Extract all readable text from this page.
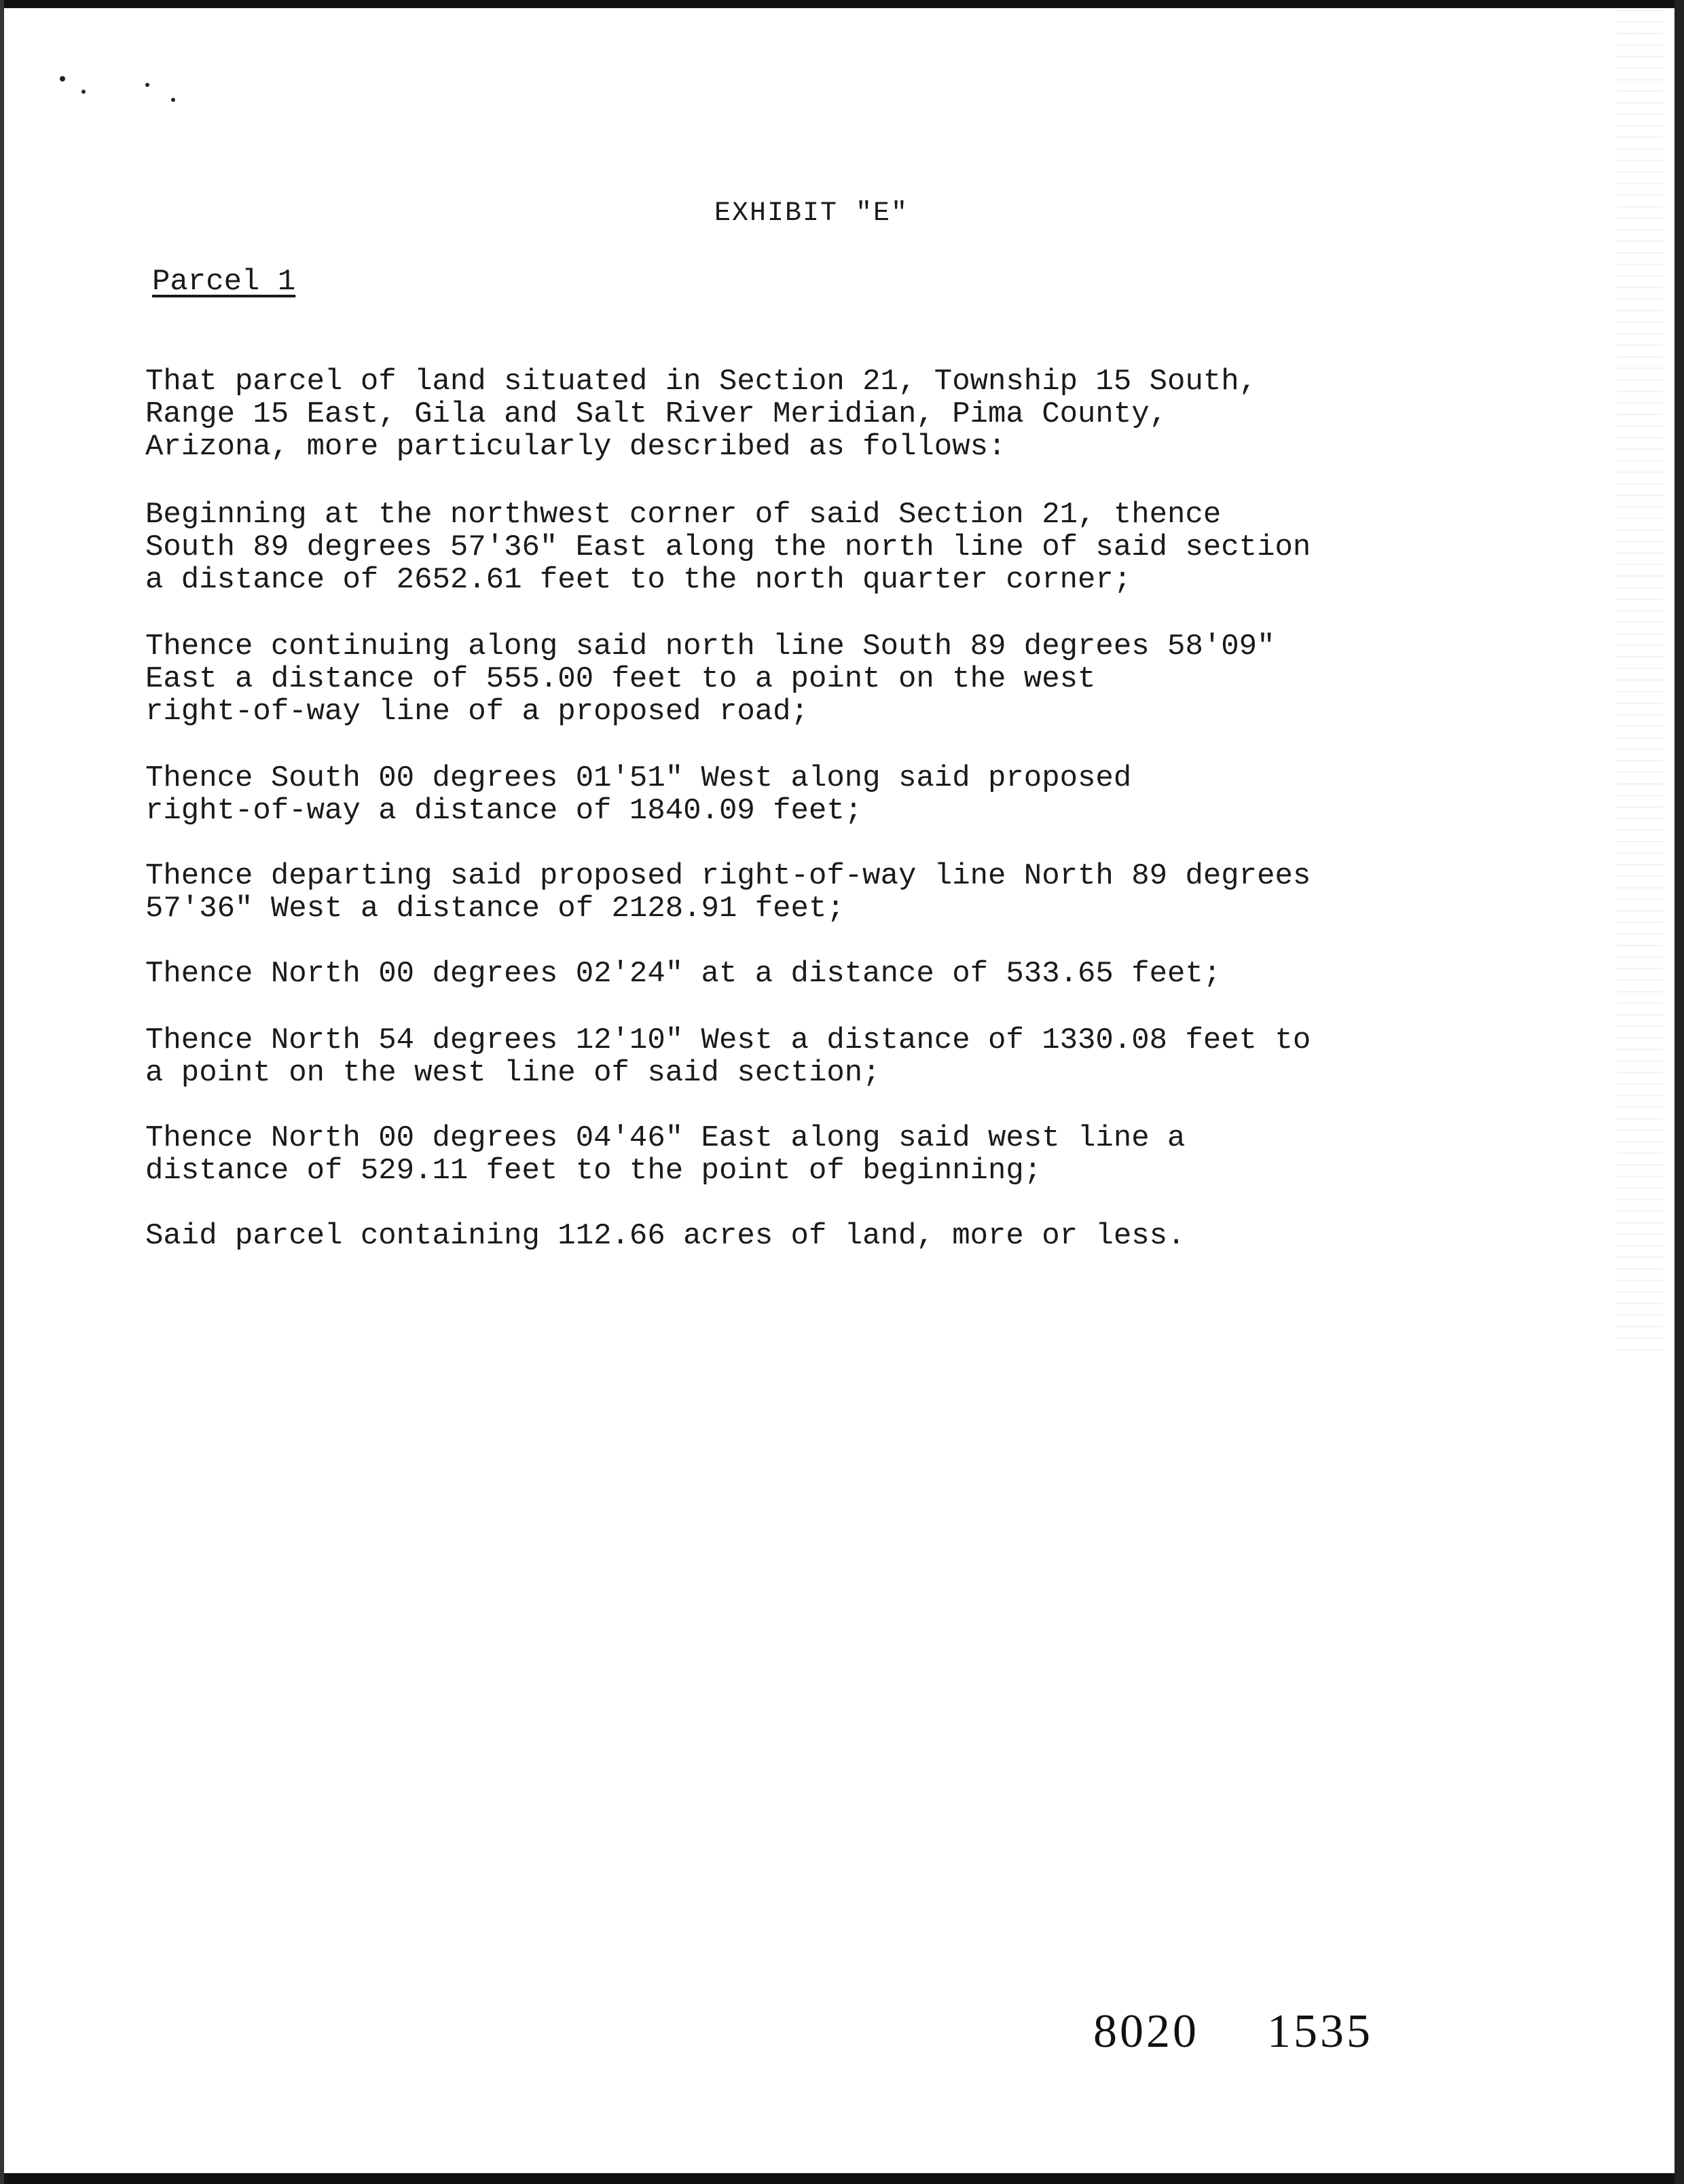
EXHIBIT "E"
Parcel 1

That parcel of land situated in Section 21, Township 15 South,
Range 15 East, Gila and Salt River Meridian, Pima County,
Arizona, more particularly described as follows:

Beginning at the northwest corner of said Section 21, thence
South 89 degrees 57'36" East along the north line of said section
a distance of 2652.61 feet to the north quarter corner;

Thence continuing along said north line South 89 degrees 58'09"
East a distance of 555.00 feet to a point on the west
right-of-way line of a proposed road;

Thence South 00 degrees 01'51" West along said proposed
right-of-way a distance of 1840.09 feet;

Thence departing said proposed right-of-way line North 89 degrees
57'36" West a distance of 2128.91 feet;

Thence North 00 degrees 02'24" at a distance of 533.65 feet;

Thence North 54 degrees 12'10" West a distance of 1330.08 feet to
a point on the west line of said section;

Thence North 00 degrees 04'46" East along said west line a
distance of 529.11 feet to the point of beginning;

Said parcel containing 112.66 acres of land, more or less.

8020 1535
